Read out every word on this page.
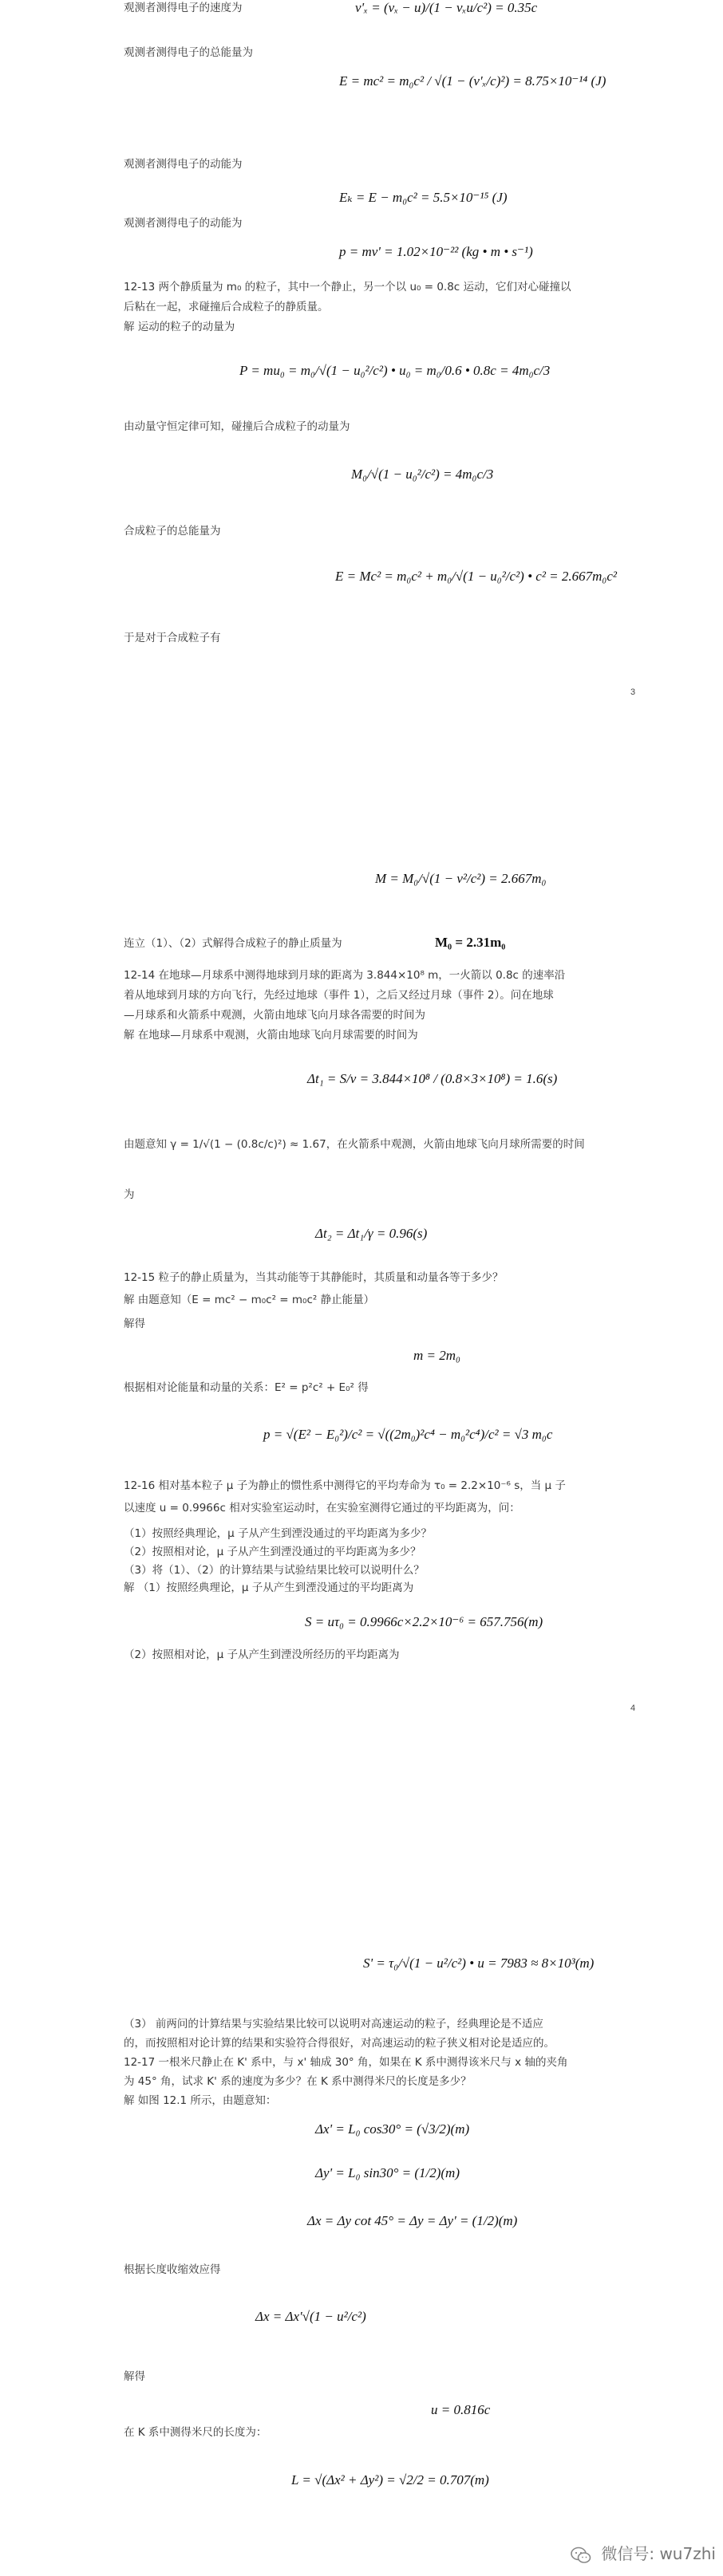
观测者测得电子的速度为	v'ₓ = (vₓ − u)/(1 − vₓu/c²) = 0.35c
观测者测得电子的总能量为
E = mc² = m₀c² / √(1 − (v'ₓ/c)²) = 8.75×10⁻¹⁴ (J)
观测者测得电子的动能为
Eₖ = E − m₀c² = 5.5×10⁻¹⁵ (J)
观测者测得电子的动能为
p = mv' = 1.02×10⁻²² (kg • m • s⁻¹)
12-13 两个静质量为 m₀ 的粒子，其中一个静止，另一个以 u₀ = 0.8c 运动，它们对心碰撞以
后粘在一起，求碰撞后合成粒子的静质量。
解 运动的粒子的动量为
P = mu₀ = m₀/√(1 − u₀²/c²) • u₀ = m₀/0.6 • 0.8c = 4m₀c/3
由动量守恒定律可知，碰撞后合成粒子的动量为
M₀/√(1 − u₀²/c²) = 4m₀c/3
合成粒子的总能量为
E = Mc² = m₀c² + m₀/√(1 − u₀²/c²) • c² = 2.667m₀c²
于是对于合成粒子有
3
M = M₀/√(1 − v²/c²) = 2.667m₀
连立（1）、（2）式解得合成粒子的静止质量为	M₀ = 2.31m₀
12-14 在地球—月球系中测得地球到月球的距离为 3.844×10⁸ m，一火箭以 0.8c 的速率沿
着从地球到月球的方向飞行，先经过地球（事件 1），之后又经过月球（事件 2）。问在地球
—月球系和火箭系中观测，火箭由地球飞向月球各需要的时间为
解 在地球—月球系中观测，火箭由地球飞向月球需要的时间为
Δt₁ = S/v = 3.844×10⁸ / (0.8×3×10⁸) = 1.6(s)
由题意知 γ = 1/√(1 − (0.8c/c)²) ≈ 1.67，在火箭系中观测，火箭由地球飞向月球所需要的时间
为
Δt₂ = Δt₁/γ = 0.96(s)
12-15 粒子的静止质量为，当其动能等于其静能时，其质量和动量各等于多少？
解 由题意知（E = mc² − m₀c² = m₀c² 静止能量）
解得
m = 2m₀
根据相对论能量和动量的关系：E² = p²c² + E₀² 得
p = √(E² − E₀²)/c² = √((2m₀)²c⁴ − m₀²c⁴)/c² = √3 m₀c
12-16 相对基本粒子 μ 子为静止的惯性系中测得它的平均寿命为 τ₀ = 2.2×10⁻⁶ s，当 μ 子
以速度 u = 0.9966c 相对实验室运动时，在实验室测得它通过的平均距离为，问：
（1）按照经典理论，μ 子从产生到湮没通过的平均距离为多少？
（2）按照相对论，μ 子从产生到湮没通过的平均距离为多少？
（3）将（1）、（2）的计算结果与试验结果比较可以说明什么？
解 （1）按照经典理论，μ 子从产生到湮没通过的平均距离为
S = uτ₀ = 0.9966c×2.2×10⁻⁶ = 657.756(m)
（2）按照相对论，μ 子从产生到湮没所经历的平均距离为
4
S' = τ₀/√(1 − u²/c²) • u = 7983 ≈ 8×10³(m)
（3） 前两问的计算结果与实验结果比较可以说明对高速运动的粒子，经典理论是不适应
的，而按照相对论计算的结果和实验符合得很好，对高速运动的粒子狭义相对论是适应的。
12-17 一根米尺静止在 K' 系中，与 x' 轴成 30° 角，如果在 K 系中测得该米尺与 x 轴的夹角
为 45° 角，试求 K' 系的速度为多少？在 K 系中测得米尺的长度是多少？
解 如图 12.1 所示，由题意知：
Δx' = L₀ cos30° = (√3/2)(m)
Δy' = L₀ sin30° = (1/2)(m)
Δx = Δy cot 45° = Δy = Δy' = (1/2)(m)
根据长度收缩效应得
Δx = Δx'√(1 − u²/c²)
解得
u = 0.816c
在 K 系中测得米尺的长度为：
L = √(Δx² + Δy²) = √2/2 = 0.707(m)
微信号: wu7zhi
